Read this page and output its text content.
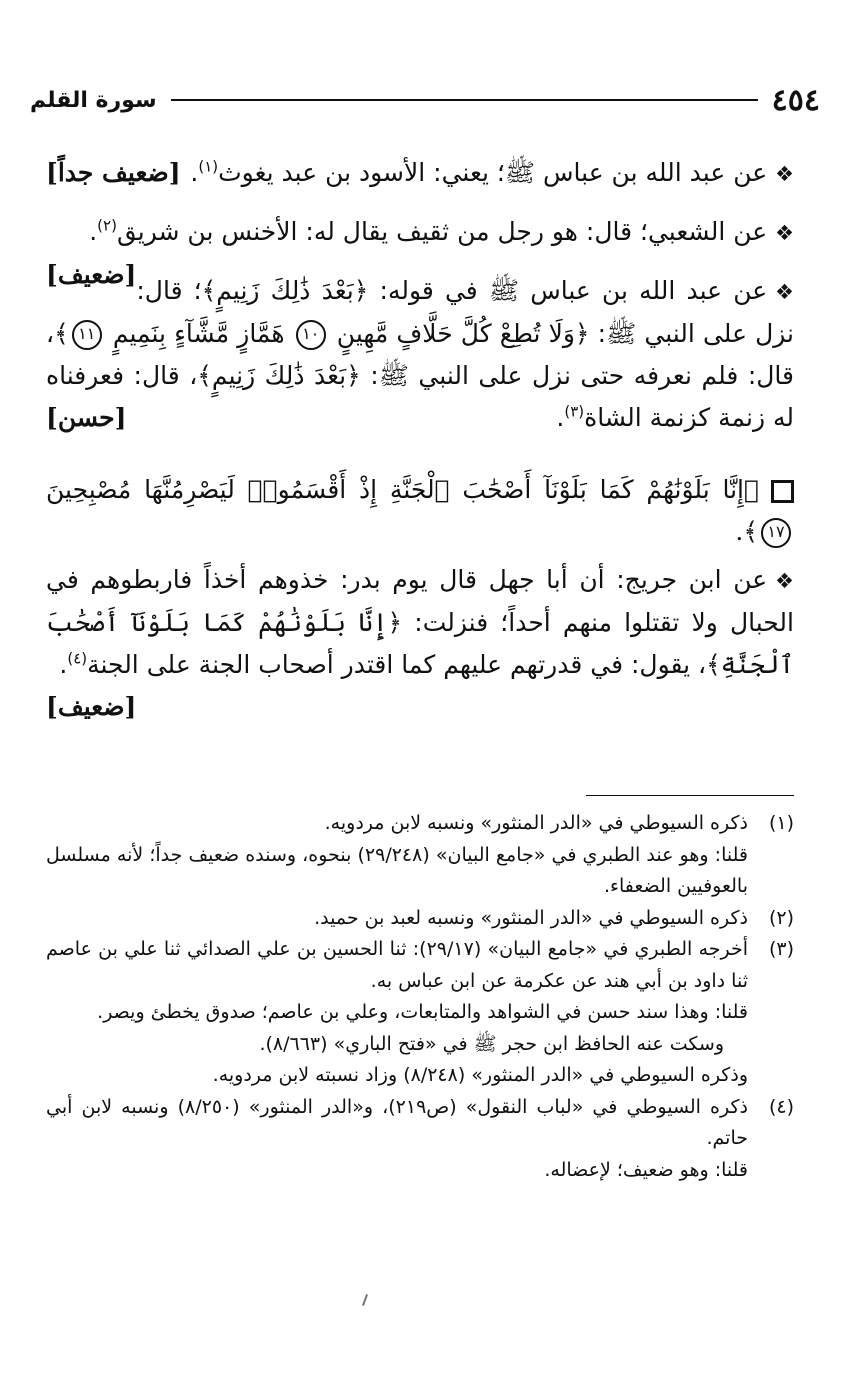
سورة القلم	٤٥٤

❖عن عبد الله بن عباس ﷺ؛ يعني: الأسود بن عبد يغوث$^{(١)}$.
[ضعيف جداً]

❖عن الشعبي؛ قال: هو رجل من ثقيف يقال له: الأخنس بن شريق$^{(٢)}$.
[ضعيف]

❖عن عبد الله بن عباس ﷺ في قوله: ﴿بَعْدَ ذَٰلِكَ زَنِيمٍ﴾؛ قال: نزل على النبي ﷺ: ﴿وَلَا تُطِعْ كُلَّ حَلَّافٍ مَّهِينٍ ١٠ هَمَّازٍ مَّشَّآءٍ بِنَمِيمٍ ١١﴾، قال: فلم نعرفه حتى نزل على النبي ﷺ: ﴿بَعْدَ ذَٰلِكَ زَنِيمٍ﴾، قال: فعرفناه له زنمة كزنمة الشاة$^{(٣)}$.
[حسن]

﴿إِنَّا بَلَوْنَٰهُمْ كَمَا بَلَوْنَآ أَصْحَٰبَ ٱلْجَنَّةِ إِذْ أَقْسَمُوا۟ لَيَصْرِمُنَّهَا مُصْبِحِينَ ١٧﴾.

❖عن ابن جريج: أن أبا جهل قال يوم بدر: خذوهم أخذاً فاربطوهم في الحبال ولا تقتلوا منهم أحداً؛ فنزلت: ﴿إِنَّا بَلَوْنَٰهُمْ كَمَا بَلَوْنَآ أَصْحَٰبَ ٱلْجَنَّةِ﴾، يقول: في قدرتهم عليهم كما اقتدر أصحاب الجنة على الجنة$^{(٤)}$.
[ضعيف]

(١)
ذكره السيوطي في «الدر المنثور» ونسبه لابن مردويه.
قلنا: وهو عند الطبري في «جامع البيان» (٢٩/٢٤٨) بنحوه، وسنده ضعيف جداً؛ لأنه مسلسل بالعوفيين الضعفاء.
(٢)
ذكره السيوطي في «الدر المنثور» ونسبه لعبد بن حميد.
(٣)
أخرجه الطبري في «جامع البيان» (٢٩/١٧): ثنا الحسين بن علي الصدائي ثنا علي بن عاصم ثنا داود بن أبي هند عن عكرمة عن ابن عباس به.
قلنا: وهذا سند حسن في الشواهد والمتابعات، وعلي بن عاصم؛ صدوق يخطئ ويصر.
وسكت عنه الحافظ ابن حجر ﷺ في «فتح الباري» (٨/٦٦٣).
وذكره السيوطي في «الدر المنثور» (٨/٢٤٨) وزاد نسبته لابن مردويه.
(٤)
ذكره السيوطي في «لباب النقول» (ص٢١٩)، و«الدر المنثور» (٨/٢٥٠) ونسبه لابن أبي حاتم.
قلنا: وهو ضعيف؛ لإعضاله.
